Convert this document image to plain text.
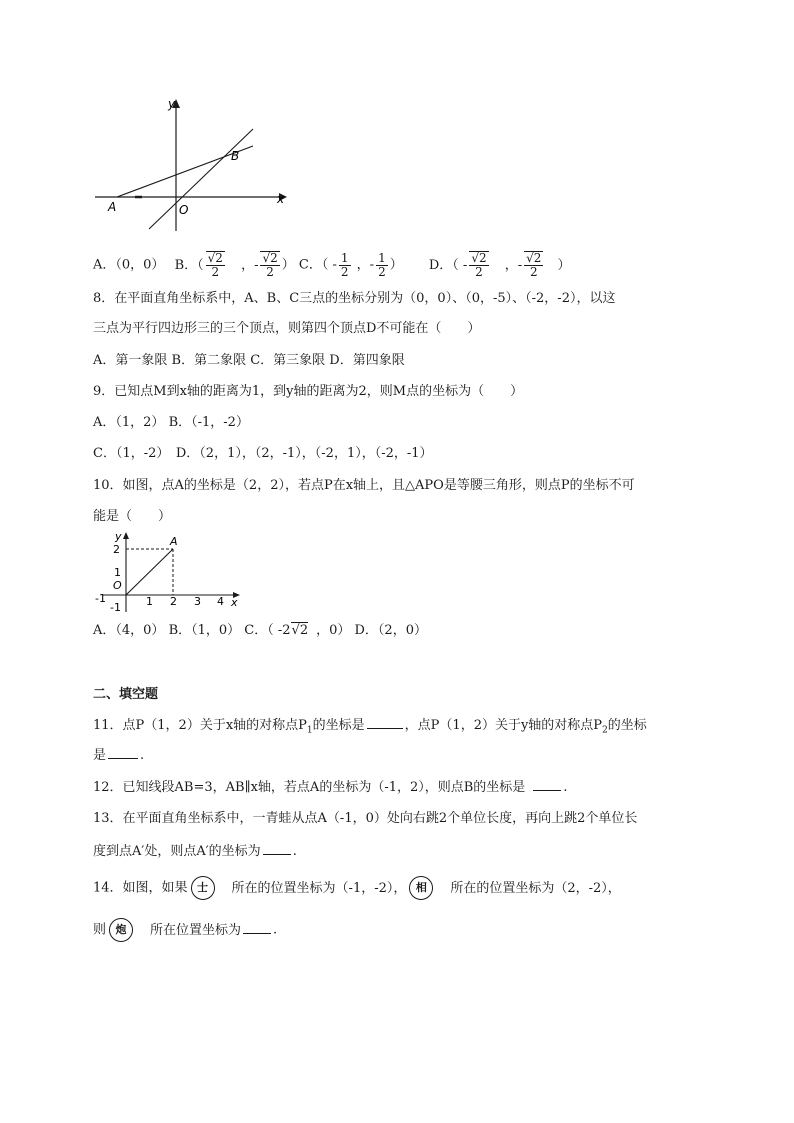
y
x
O
A
B
A．（0，0） B．（ $\frac{√2}{2}$ ，- $\frac{√2}{2}$ ） C．（ - $\frac{1}{2}$ ，- $\frac{1}{2}$ ） D．（ - $\frac{√2}{2}$ ，- $\frac{√2}{2}$ ）
8．在平面直角坐标系中，A、B、C三点的坐标分别为（0，0）、（0，-5）、（-2，-2），以这
三点为平行四边形三的三个顶点，则第四个顶点D不可能在（　　）
A．第一象限 B．第二象限 C．第三象限 D．第四象限
9．已知点M到x轴的距离为1，到y轴的距离为2，则M点的坐标为（　　）
A．（1，2） B．（-1，-2）
C．（1，-2）　D．（2，1），（2，-1），（-2，1），（-2，-1）
10．如图，点A的坐标是（2，2），若点P在x轴上，且△APO是等腰三角形，则点P的坐标不可
能是（　　）
y
x
A
O
2
1
-1
-1	1 2 3 4
A．（4，0） B．（1，0） C．（ -2√2 ，0） D．（2，0）
二、填空题
11．点P（1，2）关于x轴的对称点$P_1$的坐标是	，点P（1，2）关于y轴的对称点$P_2$的坐标
是	.
12．已知线段AB=3，AB∥x轴，若点A的坐标为（-1，2），则点B的坐标是	.
13．在平面直角坐标系中，一青蛙从点A（-1，0）处向右跳2个单位长度，再向上跳2个单位长
度到点A′处，则点A′的坐标为 .
14．如图，如果 士 所在的位置坐标为（-1，-2）， 相 所在的位置坐标为（2，-2），
则 炮 所在位置坐标为 .
